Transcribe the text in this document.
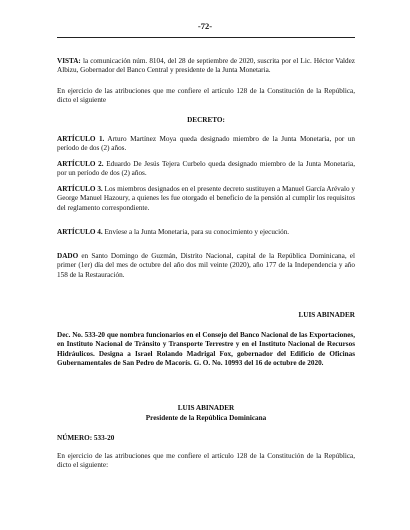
-72-

VISTA: la comunicación núm. 8104, del 28 de septiembre de 2020, suscrita por el Lic. Héctor Valdez Albizu, Gobernador del Banco Central y presidente de la Junta Monetaria.

En ejercicio de las atribuciones que me confiere el artículo 128 de la Constitución de la República, dicto el siguiente

DECRETO:

ARTÍCULO 1. Arturo Martínez Moya queda designado miembro de la Junta Monetaria, por un período de dos (2) años.

ARTÍCULO 2. Eduardo De Jesús Tejera Curbelo queda designado miembro de la Junta Monetaria, por un período de dos (2) años.

ARTÍCULO 3. Los miembros designados en el presente decreto sustituyen a Manuel García Arévalo y George Manuel Hazoury, a quienes les fue otorgado el beneficio de la pensión al cumplir los requisitos del reglamento correspondiente.

ARTÍCULO 4. Envíese a la Junta Monetaria, para su conocimiento y ejecución.

DADO en Santo Domingo de Guzmán, Distrito Nacional, capital de la República Dominicana, el primer (1er) día del mes de octubre del año dos mil veinte (2020), año 177 de la Independencia y año 158 de la Restauración.

LUIS ABINADER

Dec. No. 533-20 que nombra funcionarios en el Consejo del Banco Nacional de las Exportaciones, en Instituto Nacional de Tránsito y Transporte Terrestre y en el Instituto Nacional de Recursos Hidráulicos. Designa a Israel Rolando Madrigal Fox, gobernador del Edificio de Oficinas Gubernamentales de San Pedro de Macorís. G. O. No. 10993 del 16 de octubre de 2020.

LUIS ABINADER

Presidente de la República Dominicana

NÚMERO: 533-20

En ejercicio de las atribuciones que me confiere el artículo 128 de la Constitución de la República, dicto el siguiente:
